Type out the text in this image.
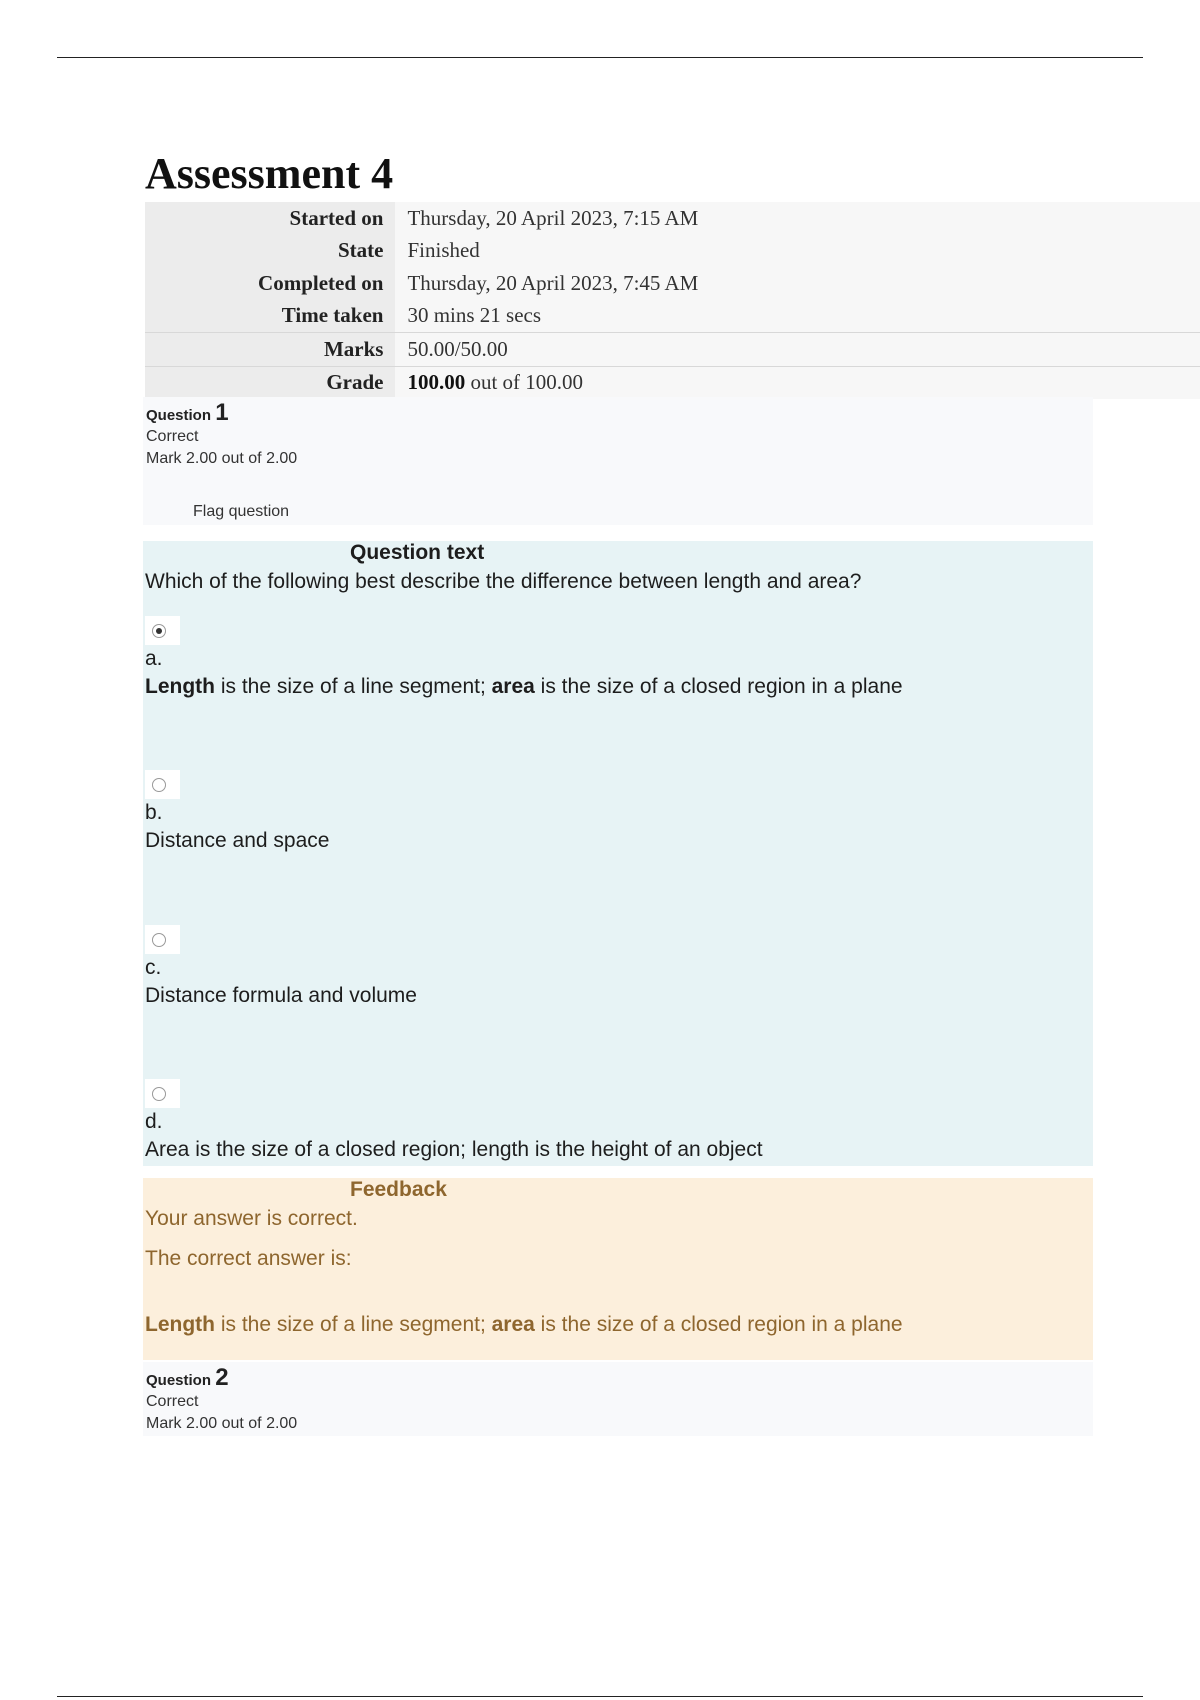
Assessment 4
Started on	Thursday, 20 April 2023, 7:15 AM
State	Finished
Completed on	Thursday, 20 April 2023, 7:45 AM
Time taken	30 mins 21 secs
Marks	50.00/50.00
Grade	100.00 out of 100.00
Question 1
Correct
Mark 2.00 out of 2.00
Flag question
Question text
Which of the following best describe the difference between length and area?
a.
Length is the size of a line segment; area is the size of a closed region in a plane
b.
Distance and space
c.
Distance formula and volume
d.
Area is the size of a closed region; length is the height of an object
Feedback
Your answer is correct.
The correct answer is:
Length is the size of a line segment; area is the size of a closed region in a plane
Question 2
Correct
Mark 2.00 out of 2.00
